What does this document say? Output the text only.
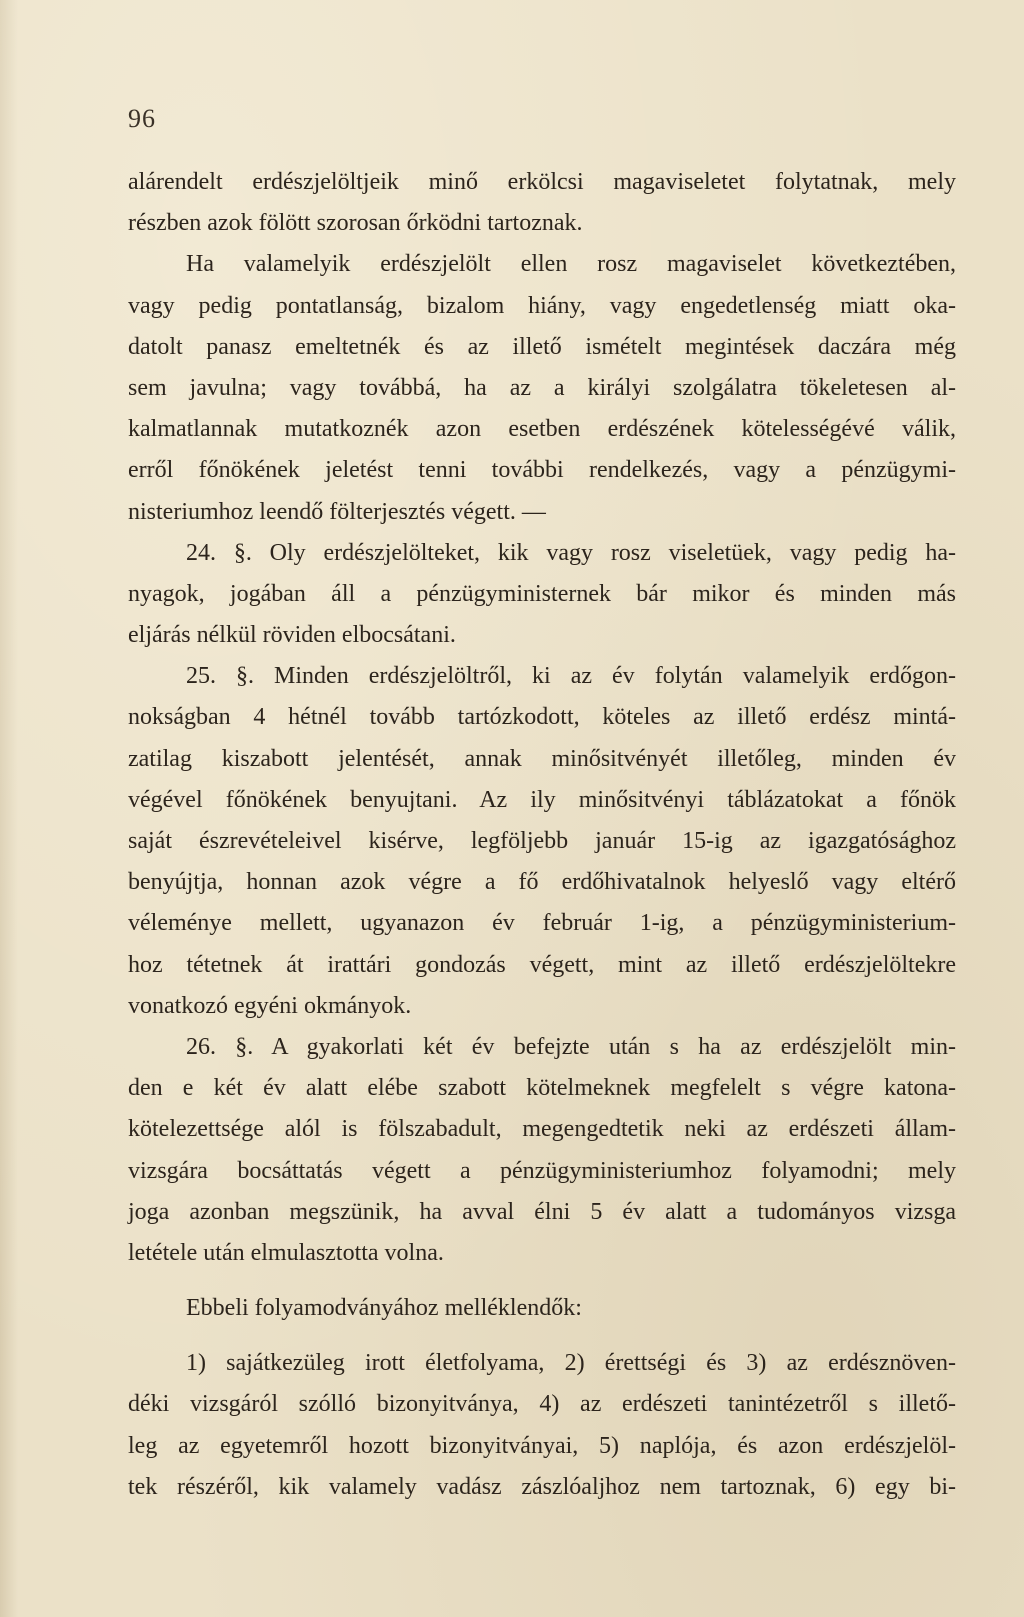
96
alárendelt erdészjelöltjeik minő erkölcsi magaviseletet folytatnak, mely
részben azok fölött szorosan őrködni tartoznak.
Ha valamelyik erdészjelölt ellen rosz magaviselet következtében,
vagy pedig pontatlanság, bizalom hiány, vagy engedetlenség miatt oka-
datolt panasz emeltetnék és az illető ismételt megintések daczára még
sem javulna; vagy továbbá, ha az a királyi szolgálatra tökeletesen al-
kalmatlannak mutatkoznék azon esetben erdészének kötelességévé válik,
erről főnökének jeletést tenni további rendelkezés, vagy a pénzügymi-
nisteriumhoz leendő fölterjesztés végett. —
24. §. Oly erdészjelölteket, kik vagy rosz viseletüek, vagy pedig ha-
nyagok, jogában áll a pénzügyministernek bár mikor és minden más
eljárás nélkül röviden elbocsátani.
25. §. Minden erdészjelöltről, ki az év folytán valamelyik erdőgon-
nokságban 4 hétnél tovább tartózkodott, köteles az illető erdész mintá-
zatilag kiszabott jelentését, annak minősitvényét illetőleg, minden év
végével főnökének benyujtani. Az ily minősitvényi táblázatokat a főnök
saját észrevételeivel kisérve, legföljebb január 15-ig az igazgatósághoz
benyújtja, honnan azok végre a fő erdőhivatalnok helyeslő vagy eltérő
véleménye mellett, ugyanazon év február 1-ig, a pénzügyministerium-
hoz tétetnek át irattári gondozás végett, mint az illető erdészjelöltekre
vonatkozó egyéni okmányok.
26. §. A gyakorlati két év befejzte után s ha az erdészjelölt min-
den e két év alatt elébe szabott kötelmeknek megfelelt s végre katona-
kötelezettsége alól is fölszabadult, megengedtetik neki az erdészeti állam-
vizsgára bocsáttatás végett a pénzügyministeriumhoz folyamodni; mely
joga azonban megszünik, ha avval élni 5 év alatt a tudományos vizsga
letétele után elmulasztotta volna.
Ebbeli folyamodványához melléklendők:
1) sajátkezüleg irott életfolyama, 2) érettségi és 3) az erdésznöven-
déki vizsgáról szólló bizonyitványa, 4) az erdészeti tanintézetről s illető-
leg az egyetemről hozott bizonyitványai, 5) naplója, és azon erdészjelöl-
tek részéről, kik valamely vadász zászlóaljhoz nem tartoznak, 6) egy bi-
